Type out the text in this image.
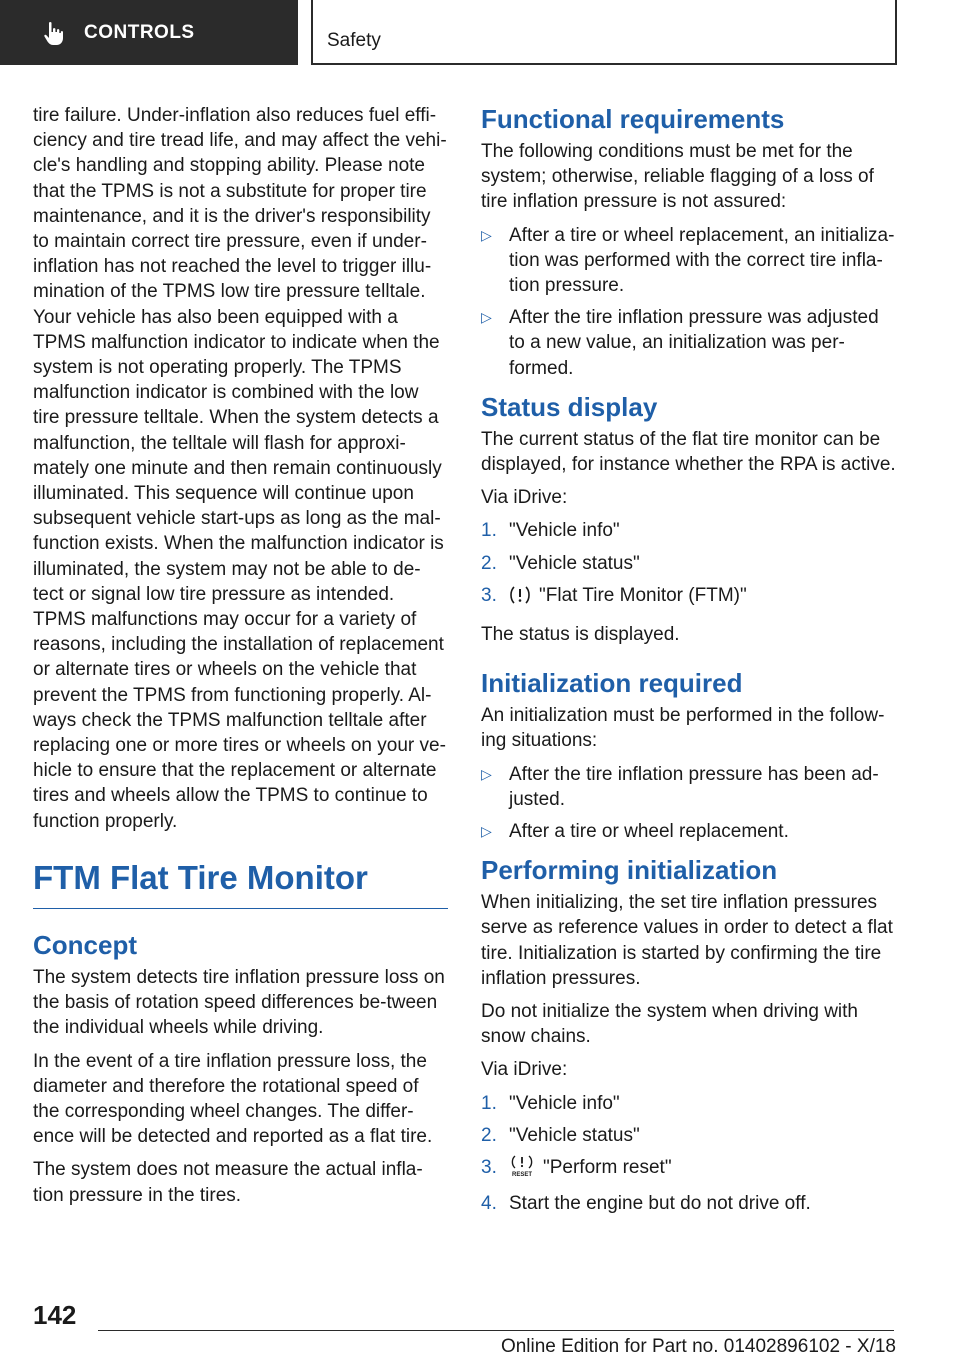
CONTROLS	Safety

tire failure. Under-inflation also reduces fuel effi-ciency and tire tread life, and may affect the vehi-cle's handling and stopping ability. Please note that the TPMS is not a substitute for proper tire maintenance, and it is the driver's responsibility to maintain correct tire pressure, even if under-inflation has not reached the level to trigger illu-mination of the TPMS low tire pressure telltale. Your vehicle has also been equipped with a TPMS malfunction indicator to indicate when the system is not operating properly. The TPMS malfunction indicator is combined with the low tire pressure telltale. When the system detects a malfunction, the telltale will flash for approxi-mately one minute and then remain continuously illuminated. This sequence will continue upon subsequent vehicle start-ups as long as the mal-function exists. When the malfunction indicator is illuminated, the system may not be able to de-tect or signal low tire pressure as intended. TPMS malfunctions may occur for a variety of reasons, including the installation of replacement or alternate tires or wheels on the vehicle that prevent the TPMS from functioning properly. Al-ways check the TPMS malfunction telltale after replacing one or more tires or wheels on your ve-hicle to ensure that the replacement or alternate tires and wheels allow the TPMS to continue to function properly.

FTM Flat Tire Monitor
Concept

The system detects tire inflation pressure loss on the basis of rotation speed differences be-tween the individual wheels while driving.

In the event of a tire inflation pressure loss, the diameter and therefore the rotational speed of the corresponding wheel changes. The differ-ence will be detected and reported as a flat tire.

The system does not measure the actual infla-tion pressure in the tires.

Functional requirements

The following conditions must be met for the system; otherwise, reliable flagging of a loss of tire inflation pressure is not assured:

▷ After a tire or wheel replacement, an initializa-tion was performed with the correct tire infla-tion pressure.
▷ After the tire inflation pressure was adjusted to a new value, an initialization was per-formed.
Status display

The current status of the flat tire monitor can be displayed, for instance whether the RPA is active.

Via iDrive:

1. "Vehicle info"
2. "Vehicle status"
3. "Flat Tire Monitor (FTM)"

The status is displayed.

Initialization required

An initialization must be performed in the follow-ing situations:

▷ After the tire inflation pressure has been ad-justed.
▷ After a tire or wheel replacement.
Performing initialization

When initializing, the set tire inflation pressures serve as reference values in order to detect a flat tire. Initialization is started by confirming the tire inflation pressures.

Do not initialize the system when driving with snow chains.

Via iDrive:

1. "Vehicle info"
2. "Vehicle status"
3.	RESET "Perform reset"
4. Start the engine but do not drive off.
142
Online Edition for Part no. 01402896102 - X/18
